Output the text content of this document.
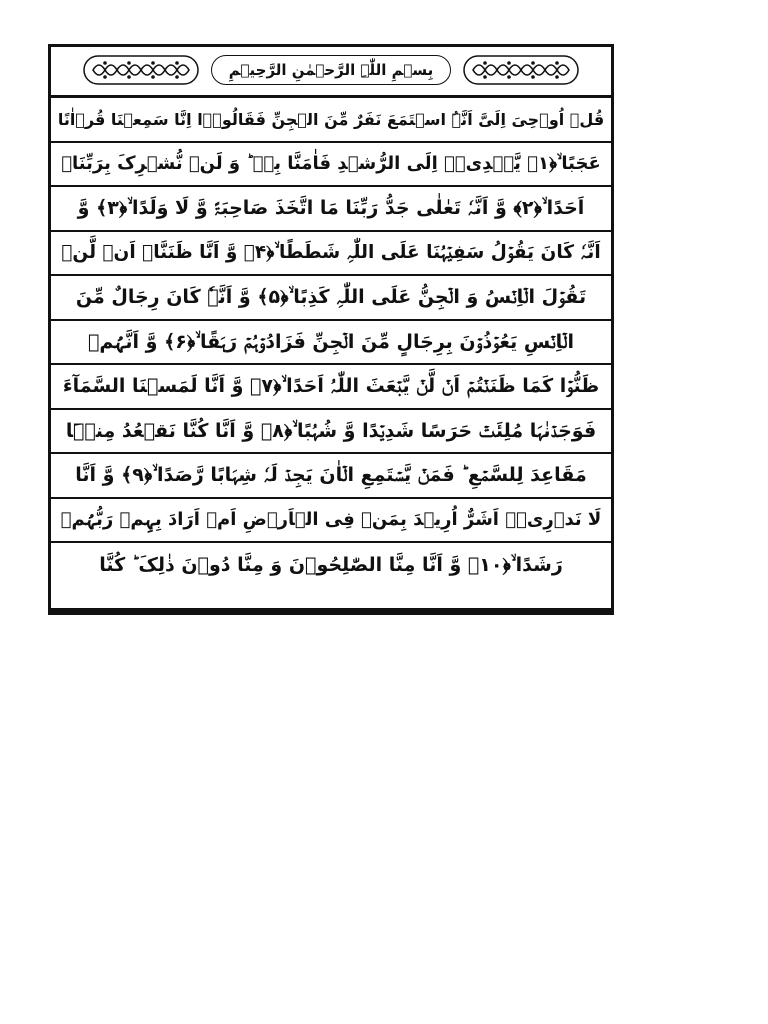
بِسۡمِ اللّٰہِ الرَّحۡمٰنِ الرَّحِیۡمِ
قُلۡ اُوۡحِیَ اِلَیَّ اَنَّہُ اسۡتَمَعَ نَفَرٌ مِّنَ الۡجِنِّ فَقَالُوۡۤا اِنَّا سَمِعۡنَا قُرۡاٰنًا
عَجَبًا ۙ﴿۱﴾ یَّہۡدِیۡۤ اِلَی الرُّشۡدِ فَاٰمَنَّا بِہٖ ؕ وَ لَنۡ نُّشۡرِکَ بِرَبِّنَاۤ
اَحَدًا ۙ﴿۲﴾ وَّ اَنَّہٗ تَعٰلٰی جَدُّ رَبِّنَا مَا اتَّخَذَ صَاحِبَۃً وَّ لَا وَلَدًا ۙ﴿۳﴾ وَّ
اَنَّہٗ کَانَ یَقُوۡلُ سَفِیۡہُنَا عَلَی اللّٰہِ شَطَطًا ۙ﴿۴﴾ وَّ اَنَّا ظَنَنَّاۤ اَنۡ لَّنۡ
تَقُوۡلَ الۡاِنۡسُ وَ الۡجِنُّ عَلَی اللّٰہِ کَذِبًا ۙ﴿۵﴾ وَّ اَنَّہٗ کَانَ رِجَالٌ مِّنَ
الۡاِنۡسِ یَعُوۡذُوۡنَ بِرِجَالٍ مِّنَ الۡجِنِّ فَزَادُوۡہُمۡ رَہَقًا ۙ﴿۶﴾ وَّ اَنَّہُمۡ
ظَنُّوۡا کَمَا ظَنَنۡتُمۡ اَنۡ لَّنۡ یَّبۡعَثَ اللّٰہُ اَحَدًا ۙ﴿۷﴾ وَّ اَنَّا لَمَسۡنَا السَّمَآءَ
فَوَجَدۡنٰہَا مُلِئَتۡ حَرَسًا شَدِیۡدًا وَّ شُہُبًا ۙ﴿۸﴾ وَّ اَنَّا کُنَّا نَقۡعُدُ مِنۡہَا
مَقَاعِدَ لِلسَّمۡعِ ؕ فَمَنۡ یَّسۡتَمِعِ الۡاٰنَ یَجِدۡ لَہٗ شِہَابًا رَّصَدًا ۙ﴿۹﴾ وَّ اَنَّا
لَا نَدۡرِیۡۤ اَشَرٌّ اُرِیۡدَ بِمَنۡ فِی الۡاَرۡضِ اَمۡ اَرَادَ بِہِمۡ رَبُّہُمۡ
رَشَدًا ۙ﴿۱۰﴾ وَّ اَنَّا مِنَّا الصّٰلِحُوۡنَ وَ مِنَّا دُوۡنَ ذٰلِکَ ؕ کُنَّا
